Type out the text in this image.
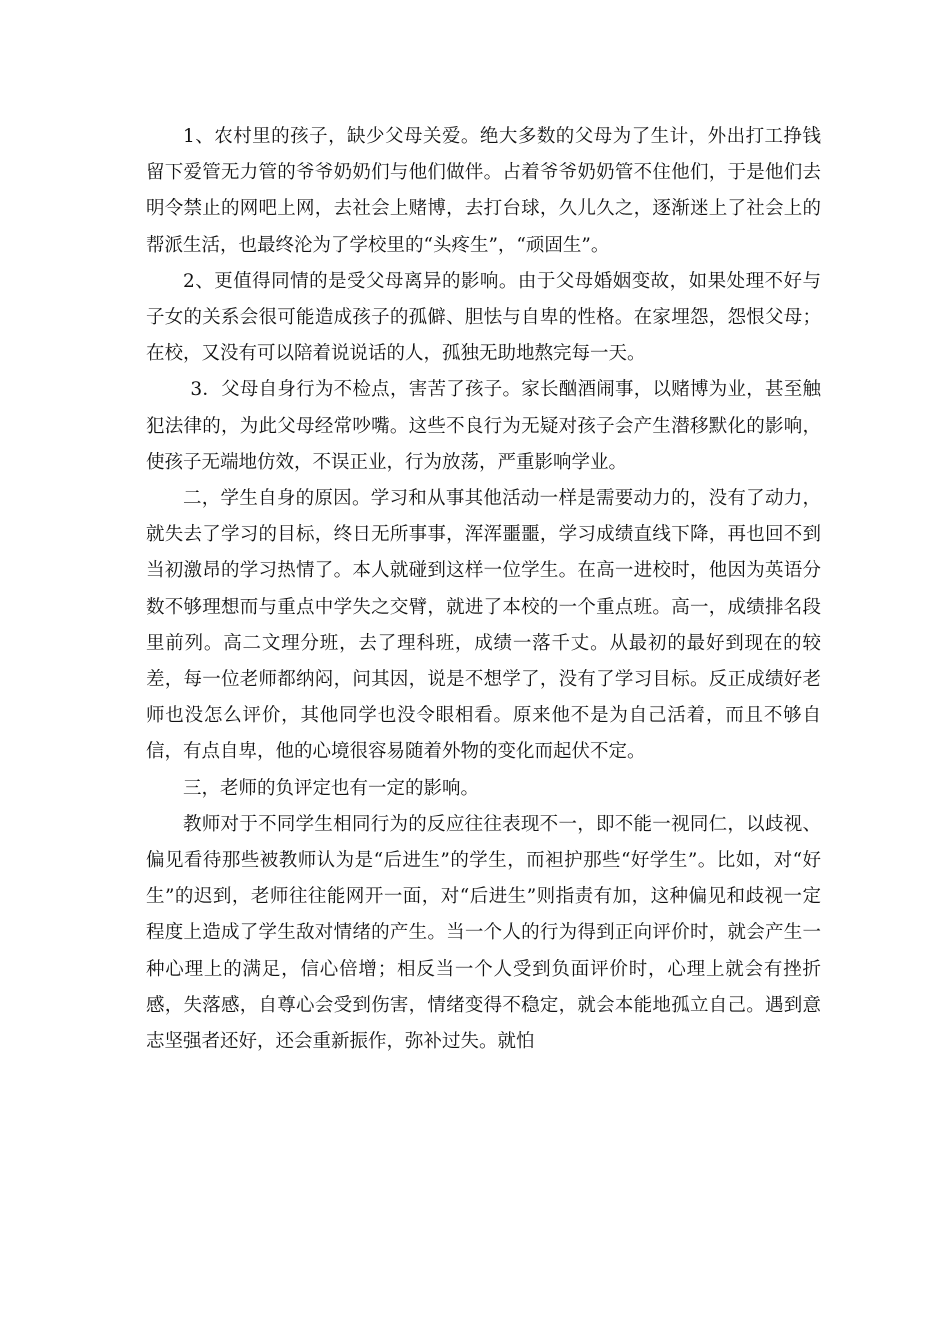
1、农村里的孩子，缺少父母关爱。绝大多数的父母为了生计，外出打工挣钱留下爱管无力管的爷爷奶奶们与他们做伴。占着爷爷奶奶管不住他们，于是他们去明令禁止的网吧上网，去社会上赌博，去打台球，久儿久之，逐渐迷上了社会上的帮派生活，也最终沦为了学校里的“头疼生”，“顽固生”。

2、更值得同情的是受父母离异的影响。由于父母婚姻变故，如果处理不好与子女的关系会很可能造成孩子的孤僻、胆怯与自卑的性格。在家埋怨，怨恨父母；在校，又没有可以陪着说说话的人，孤独无助地熬完每一天。

3．父母自身行为不检点，害苦了孩子。家长酗酒闹事，以赌博为业，甚至触犯法律的，为此父母经常吵嘴。这些不良行为无疑对孩子会产生潜移默化的影响，使孩子无端地仿效，不误正业，行为放荡，严重影响学业。

二，学生自身的原因。学习和从事其他活动一样是需要动力的，没有了动力，就失去了学习的目标，终日无所事事，浑浑噩噩，学习成绩直线下降，再也回不到当初激昂的学习热情了。本人就碰到这样一位学生。在高一进校时，他因为英语分数不够理想而与重点中学失之交臂，就进了本校的一个重点班。高一，成绩排名段里前列。高二文理分班，去了理科班，成绩一落千丈。从最初的最好到现在的较差，每一位老师都纳闷，问其因，说是不想学了，没有了学习目标。反正成绩好老师也没怎么评价，其他同学也没令眼相看。原来他不是为自己活着，而且不够自信，有点自卑，他的心境很容易随着外物的变化而起伏不定。

三，老师的负评定也有一定的影响。

教师对于不同学生相同行为的反应往往表现不一，即不能一视同仁，以歧视、偏见看待那些被教师认为是“后进生”的学生，而袒护那些“好学生”。比如，对“好生”的迟到，老师往往能网开一面，对“后进生”则指责有加，这种偏见和歧视一定程度上造成了学生敌对情绪的产生。当一个人的行为得到正向评价时，就会产生一种心理上的满足，信心倍增；相反当一个人受到负面评价时，心理上就会有挫折感，失落感，自尊心会受到伤害，情绪变得不稳定，就会本能地孤立自己。遇到意志坚强者还好，还会重新振作，弥补过失。就怕
